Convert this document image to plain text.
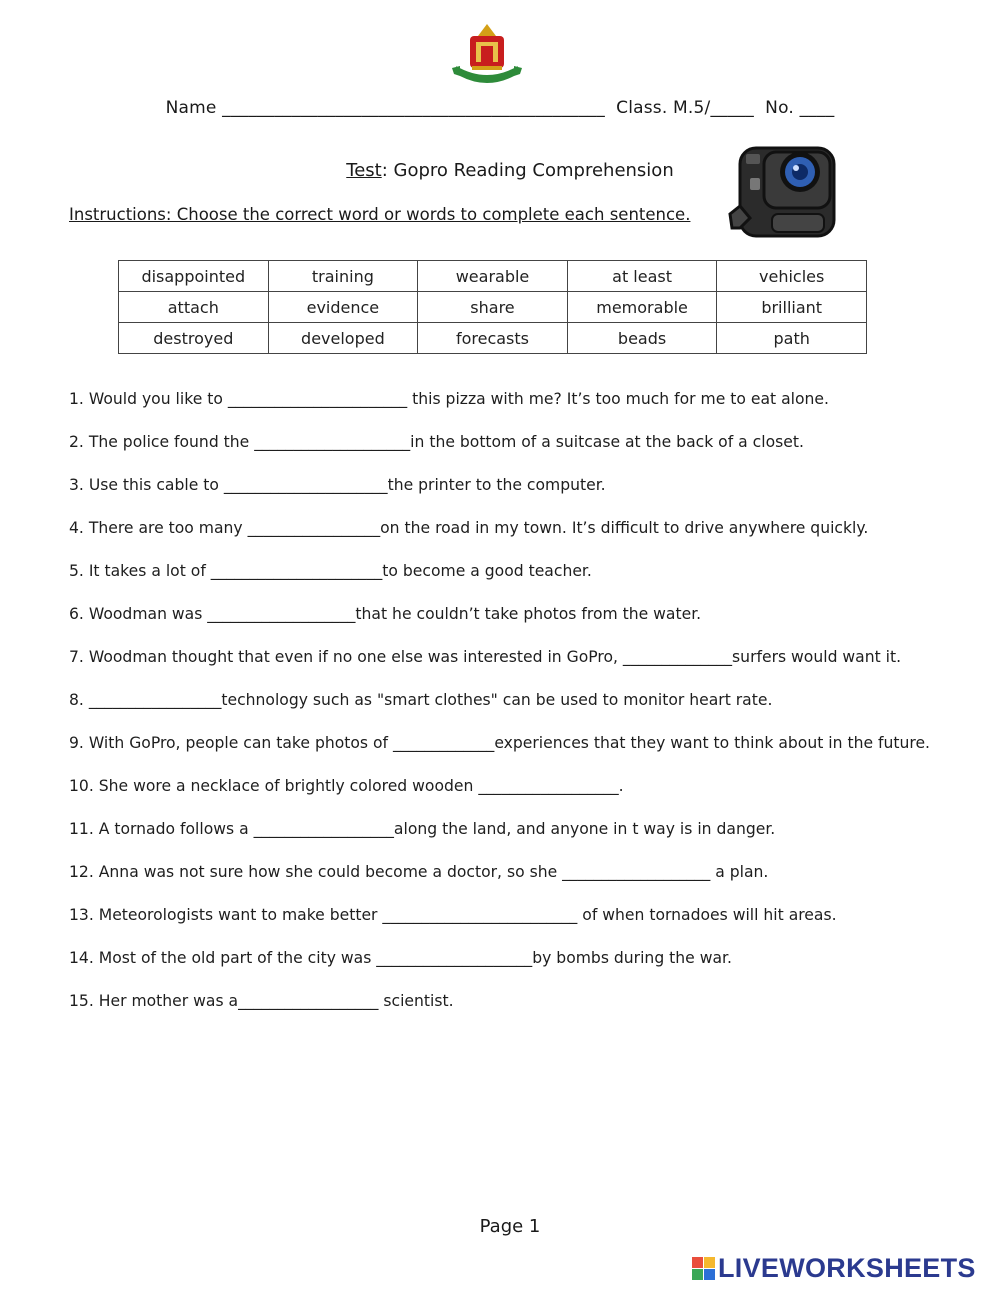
Name ____________________________________________  Class. M.5/_____  No. ____
Test: Gopro Reading Comprehension
Instructions: Choose the correct word or words to complete each sentence.
disappointed	training	wearable	at least	vehicles
attach	evidence	share	memorable	brilliant
destroyed	developed	forecasts	beads	path
1. Would you like to _______________________ this pizza with me? It’s too much for me to eat alone.
2. The police found the ____________________in the bottom of a suitcase at the back of a closet.
3. Use this cable to _____________________the printer to the computer.
4. There are too many _________________on the road in my town. It’s difficult to drive anywhere quickly.
5. It takes a lot of ______________________to become a good teacher.
6. Woodman was ___________________that he couldn’t take photos from the water.
7. Woodman thought that even if no one else was interested in GoPro, ______________surfers would want it.
8. _________________technology such as "smart clothes" can be used to monitor heart rate.
9. With GoPro, people can take photos of _____________experiences that they want to think about in the future.
10. She wore a necklace of brightly colored wooden __________________.
11. A tornado follows a __________________along the land, and anyone in t way is in danger.
12. Anna was not sure how she could become a doctor, so she ___________________ a plan.
13. Meteorologists want to make better _________________________ of when tornadoes will hit areas.
14. Most of the old part of the city was ____________________by bombs during the war.
15. Her mother was a__________________ scientist.
Page 1
LIVEWORKSHEETS
